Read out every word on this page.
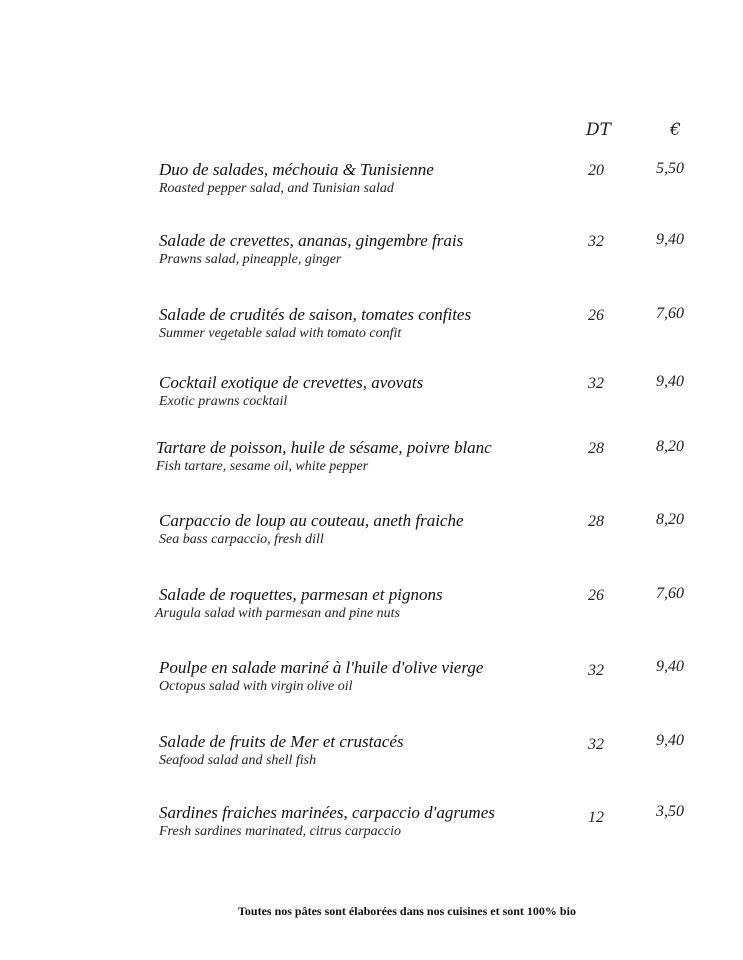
DT	€
Duo de salades, méchouia & Tunisienne
Roasted pepper salad, and Tunisian salad
20	5,50
Salade de crevettes, ananas, gingembre frais
Prawns salad, pineapple, ginger
32	9,40
Salade de crudités de saison, tomates confites
Summer vegetable salad with tomato confit
26	7,60
Cocktail exotique de crevettes, avovats
Exotic prawns cocktail
32	9,40
Tartare de poisson, huile de sésame, poivre blanc
Fish tartare, sesame oil, white pepper
28	8,20
Carpaccio de loup au couteau, aneth fraiche
Sea bass carpaccio, fresh dill
28	8,20
Salade de roquettes, parmesan et pignons
Arugula salad with parmesan and pine nuts
26	7,60
Poulpe en salade mariné à l'huile d'olive vierge
Octopus salad with virgin olive oil
32	9,40
Salade de fruits de Mer et crustacés
Seafood salad and shell fish
32	9,40
Sardines fraiches marinées, carpaccio d'agrumes
Fresh sardines marinated, citrus carpaccio
12	3,50
Toutes nos pâtes sont élaborées dans nos cuisines et sont 100% bio
